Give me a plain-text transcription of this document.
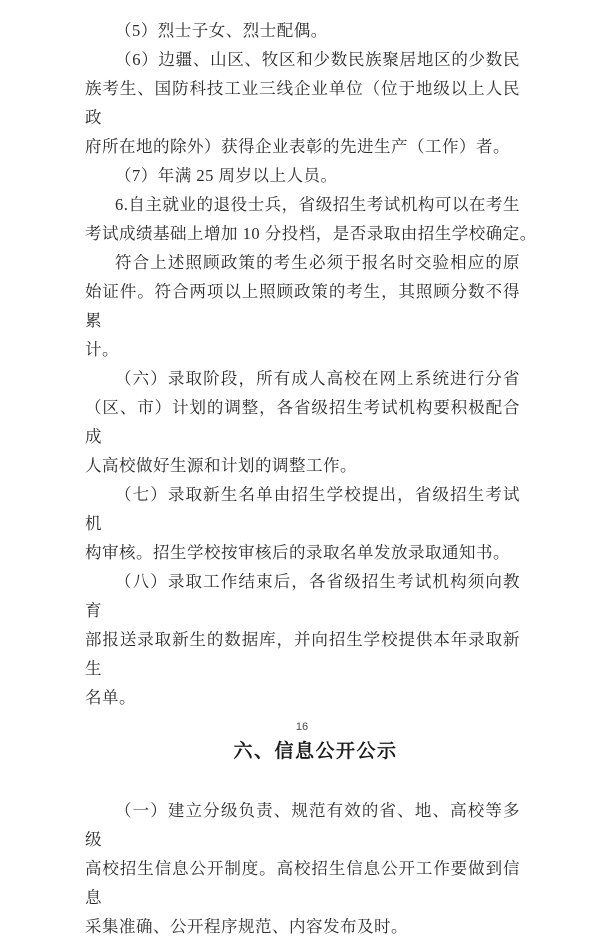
（5）烈士子女、烈士配偶。
（6）边疆、山区、牧区和少数民族聚居地区的少数民
族考生、国防科技工业三线企业单位（位于地级以上人民政
府所在地的除外）获得企业表彰的先进生产（工作）者。
（7）年满 25 周岁以上人员。
6.自主就业的退役士兵，省级招生考试机构可以在考生
考试成绩基础上增加 10 分投档，是否录取由招生学校确定。
符合上述照顾政策的考生必须于报名时交验相应的原
始证件。符合两项以上照顾政策的考生，其照顾分数不得累
计。
（六）录取阶段，所有成人高校在网上系统进行分省
（区、市）计划的调整，各省级招生考试机构要积极配合成
人高校做好生源和计划的调整工作。
（七）录取新生名单由招生学校提出，省级招生考试机
构审核。招生学校按审核后的录取名单发放录取通知书。
（八）录取工作结束后，各省级招生考试机构须向教育
部报送录取新生的数据库，并向招生学校提供本年录取新生
名单。
六、信息公开公示
（一）建立分级负责、规范有效的省、地、高校等多级
高校招生信息公开制度。高校招生信息公开工作要做到信息
采集准确、公开程序规范、内容发布及时。
16
